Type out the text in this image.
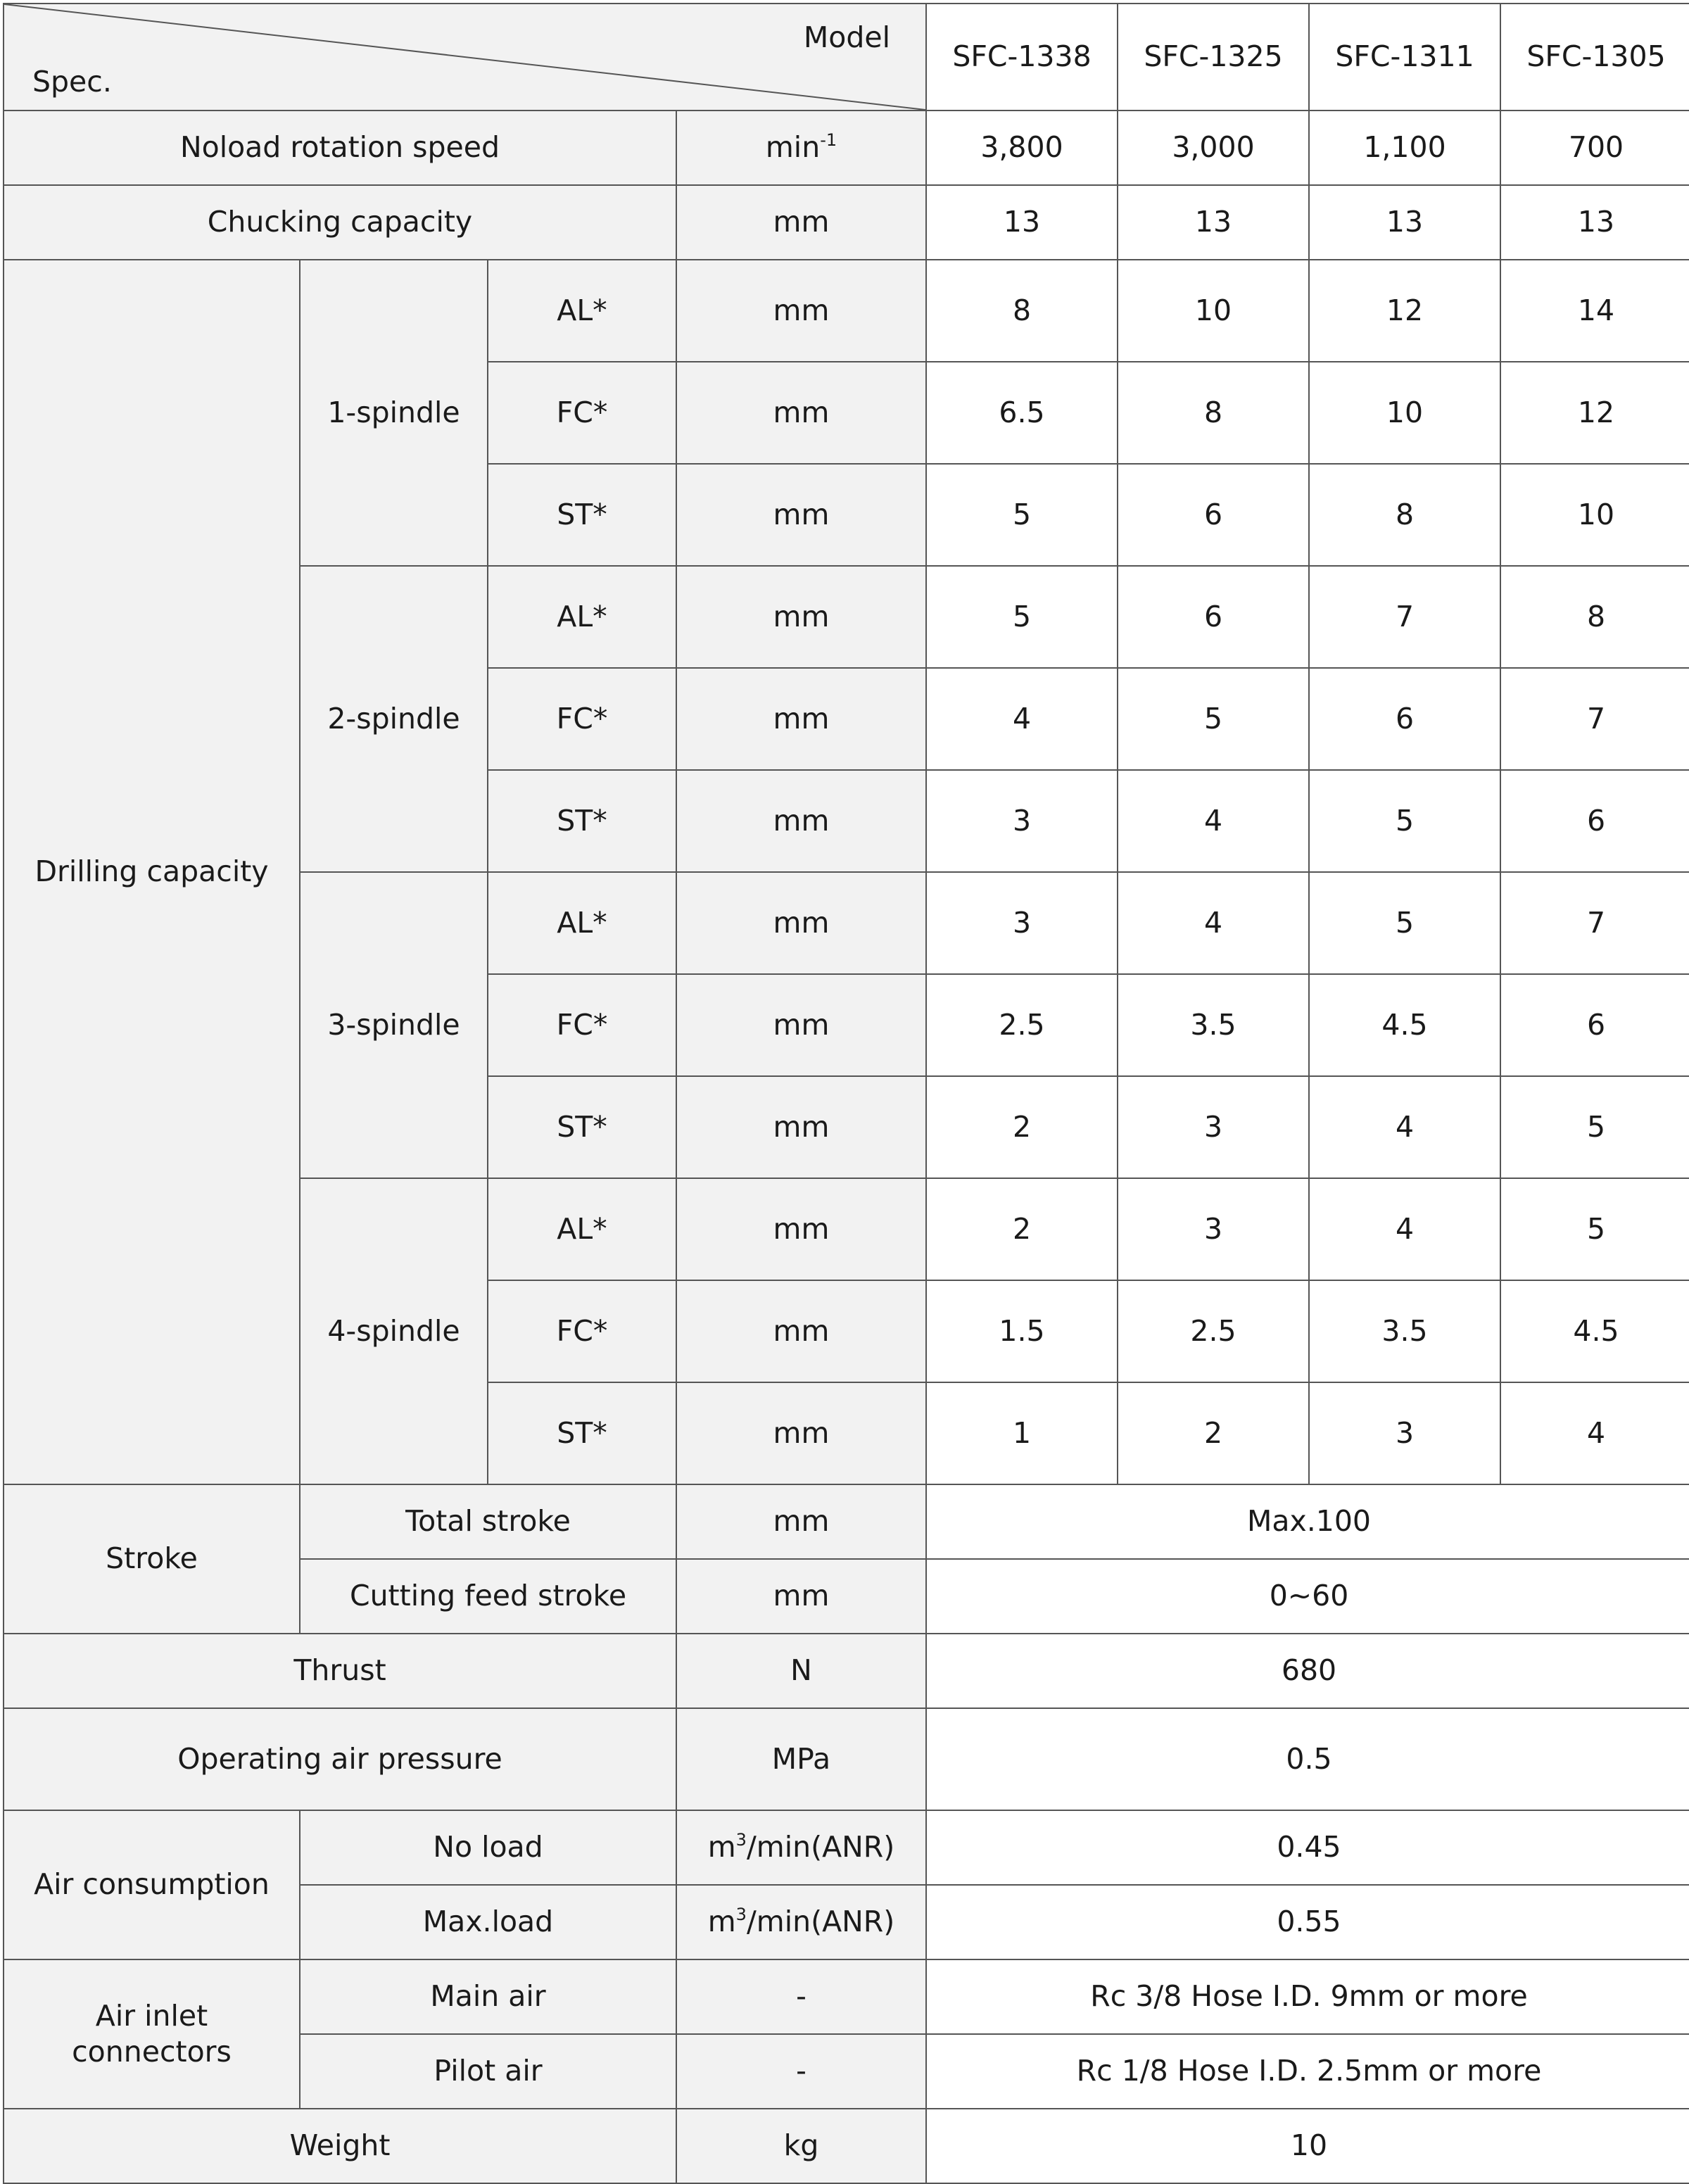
Model
Spec.				SFC-1338	SFC-1325	SFC-1311	SFC-1305
Noload rotation speed			$\min^{-1}$	3,800	3,000	1,100	700
Chucking capacity			mm	13	13	13	13
Drilling capacity	1-spindle	AL*	mm	8	10	12	14
		FC*	mm	6.5	8	10	12
		ST*	mm	5	6	8	10
	2-spindle	AL*	mm	5	6	7	8
		FC*	mm	4	5	6	7
		ST*	mm	3	4	5	6
	3-spindle	AL*	mm	3	4	5	7
		FC*	mm	2.5	3.5	4.5	6
		ST*	mm	2	3	4	5
	4-spindle	AL*	mm	2	3	4	5
		FC*	mm	1.5	2.5	3.5	4.5
		ST*	mm	1	2	3	4
Stroke	Total stroke		mm	Max.100			
	Cutting feed stroke		mm	0~60			
Thrust			N	680			
Operating air pressure			MPa	0.5			
Air consumption	No load		$m^3/\min(ANR)$	0.45			
	Max.load		$m^3/\min(ANR)$	0.55			
Air inlet
connectors	Main air		-	Rc 3/8 Hose I.D. 9mm or more			
	Pilot air		-	Rc 1/8 Hose I.D. 2.5mm or more			
Weight			kg	10			
